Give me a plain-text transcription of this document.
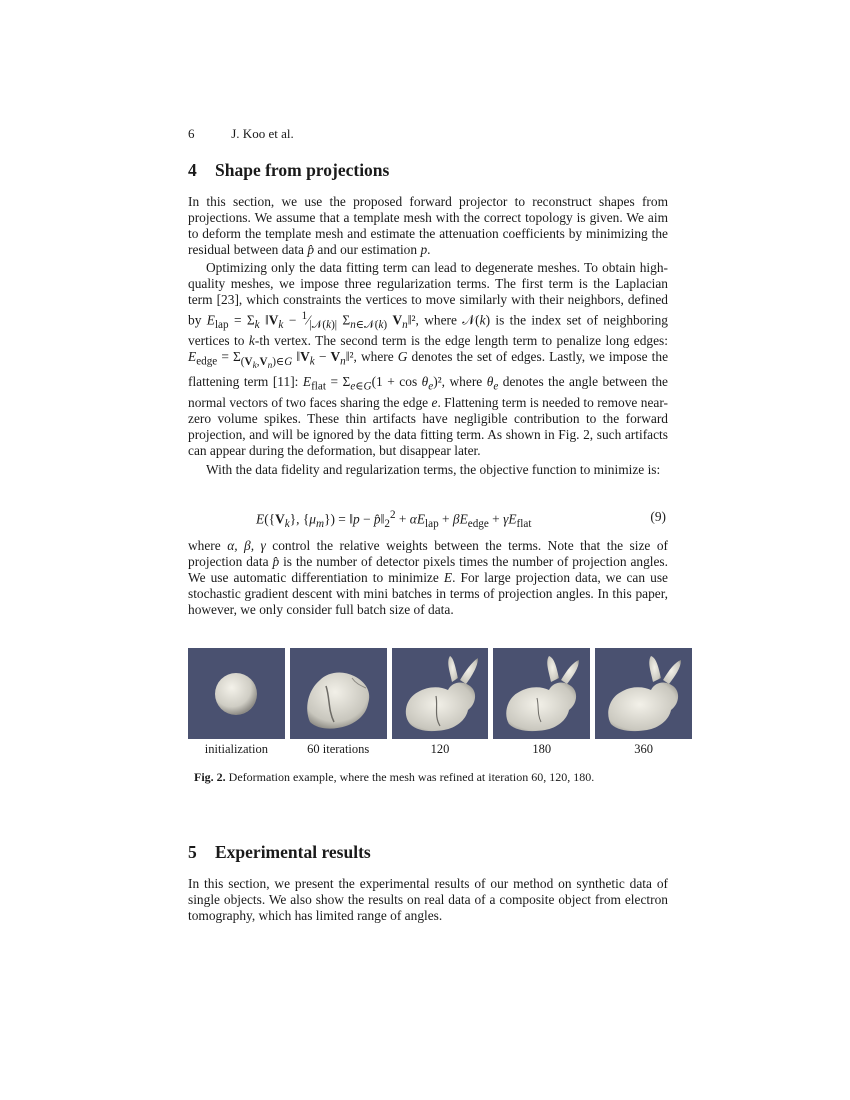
6	J. Koo et al.
4 Shape from projections

In this section, we use the proposed forward projector to reconstruct shapes from projections. We assume that a template mesh with the correct topology is given. We aim to deform the template mesh and estimate the attenuation coefficients by minimizing the residual between data p̂ and our estimation p.

Optimizing only the data fitting term can lead to degenerate meshes. To obtain high-quality meshes, we impose three regularization terms. The first term is the Laplacian term [23], which constraints the vertices to move similarly with their neighbors, defined by $E_{lap} = \Sigma_k$ $‖V_k$ − $^1⁄_{|𝒩(k)|}$ $\Sigma_{n\in 𝒩(k)}$ $V_n‖^2$, where 𝒩(k) is the index set of neighboring vertices to k-th vertex. The second term is the edge length term to penalize long edges: $E_{edge} = \Sigma_{(V_k,V_n)\in G}$ $‖V_k$ − $V_n‖^2$, where G denotes the set of edges. Lastly, we impose the flattening term [11]: $E_{flat} = \Sigma_{e\in G}(1 + \cos \theta_e)^2$, where $\theta_e$ denotes the angle between the normal vectors of two faces sharing the edge e. Flattening term is needed to remove near-zero volume spikes. These thin artifacts have negligible contribution to the forward projection, and will be ignored by the data fitting term. As shown in Fig. 2, such artifacts can appear during the deformation, but disappear later.

With the data fidelity and regularization terms, the objective function to minimize is:

$E(\{V_k\}$, $\{\mu_m\}$) = ‖p − $p̂‖_2^2 + \alpha E_{lap} + \beta E_{edge} + \gamma E_{flat}$
(9)

where α, β, γ control the relative weights between the terms. Note that the size of projection data p̂ is the number of detector pixels times the number of projection angles. We use automatic differentiation to minimize E. For large projection data, we can use stochastic gradient descent with mini batches in terms of projection angles. In this paper, however, we only consider full batch size of data.

initialization	60 iterations	120	180	360
Fig. 2. Deformation example, where the mesh was refined at iteration 60, 120, 180.
5 Experimental results

In this section, we present the experimental results of our method on synthetic data of single objects. We also show the results on real data of a composite object from electron tomography, which has limited range of angles.
